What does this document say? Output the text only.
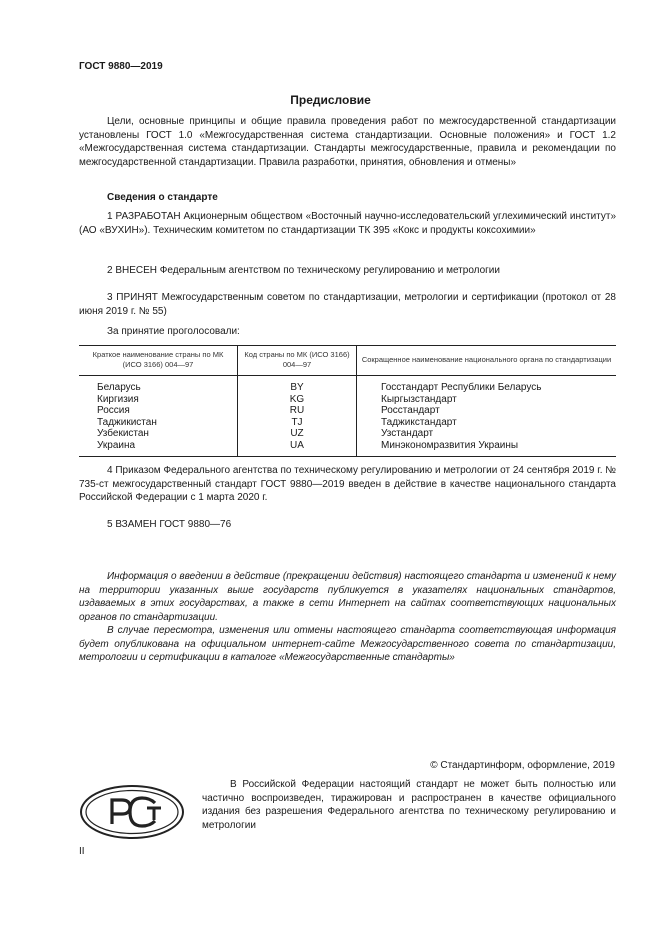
ГОСТ 9880—2019
Предисловие

Цели, основные принципы и общие правила проведения работ по межгосударственной стандартизации установлены ГОСТ 1.0 «Межгосударственная система стандартизации. Основные положения» и ГОСТ 1.2 «Межгосударственная система стандартизации. Стандарты межгосударственные, правила и рекомендации по межгосударственной стандартизации. Правила разработки, принятия, обновления и отмены»

Сведения о стандарте

1 РАЗРАБОТАН Акционерным обществом «Восточный научно-исследовательский углехимический институт» (АО «ВУХИН»). Техническим комитетом по стандартизации ТК 395 «Кокс и продукты коксохимии»

2 ВНЕСЕН Федеральным агентством по техническому регулированию и метрологии

3 ПРИНЯТ Межгосударственным советом по стандартизации, метрологии и сертификации (протокол от 28 июня 2019 г. № 55)

За принятие проголосовали:
Краткое наименование страны по МК (ИСО 3166) 004—97	Код страны по МК (ИСО 3166) 004—97	Сокращенное наименование национального органа по стандартизации
Беларусь	BY	Госстандарт Республики Беларусь
Киргизия	KG	Кыргызстандарт
Россия	RU	Росстандарт
Таджикистан	TJ	Таджикстандарт
Узбекистан	UZ	Узстандарт
Украина	UA	Минэкономразвития Украины

4 Приказом Федерального агентства по техническому регулированию и метрологии от 24 сентября 2019 г. № 735-ст межгосударственный стандарт ГОСТ 9880—2019 введен в действие в качестве национального стандарта Российской Федерации с 1 марта 2020 г.

5 ВЗАМЕН ГОСТ 9880—76

Информация о введении в действие (прекращении действия) настоящего стандарта и изменений к нему на территории указанных выше государств публикуется в указателях национальных стандартов, издаваемых в этих государствах, а также в сети Интернет на сайтах соответствующих национальных органов по стандартизации.

В случае пересмотра, изменения или отмены настоящего стандарта соответствующая информация будет опубликована на официальном интернет-сайте Межгосударственного совета по стандартизации, метрологии и сертификации в каталоге «Межгосударственные стандарты»

© Стандартинформ, оформление, 2019

В Российской Федерации настоящий стандарт не может быть полностью или частично воспроизведен, тиражирован и распространен в качестве официального издания без разрешения Федерального агентства по техническому регулированию и метрологии

II
